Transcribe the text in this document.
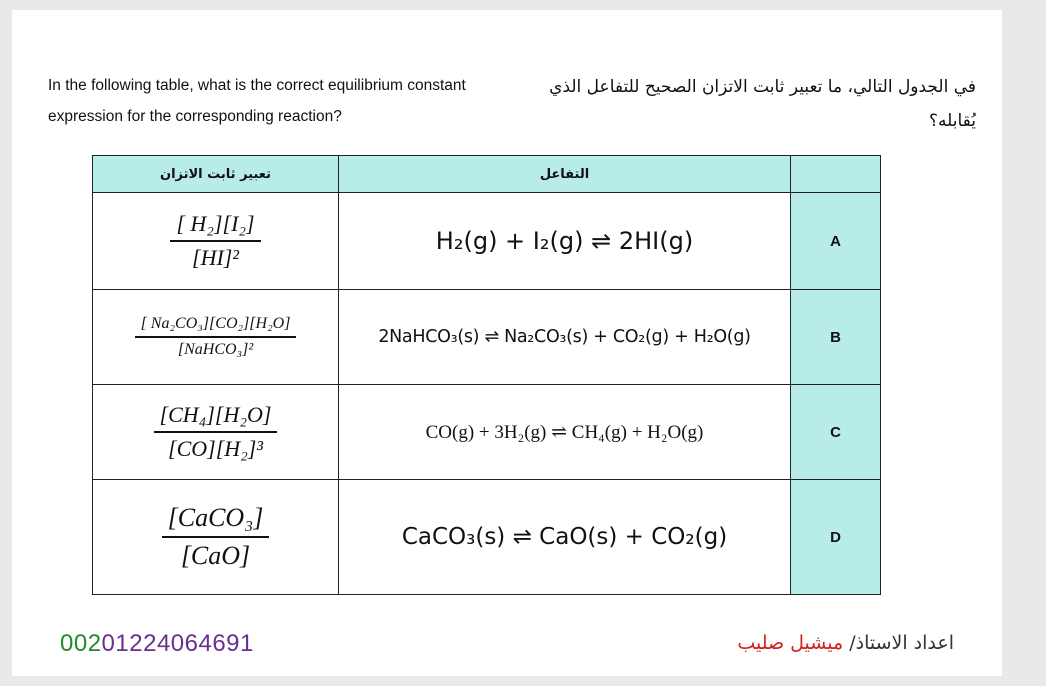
In the following table, what is the correct equilibrium constant expression for the corresponding reaction?
في الجدول التالي، ما تعبير ثابت الاتزان الصحيح للتفاعل الذي يُقابله؟
تعبير ثابت الاتزان	التفاعل	

$\frac{\text{[ H₂][I₂]}}{\text{[HI]²}}$	H₂(g) + I₂(g) ⇌ 2HI(g)	A

$\frac{\text{[ Na₂CO₃][CO₂][H₂O]}}{\text{[NaHCO₃]²}}$	2NaHCO₃(s) ⇌ Na₂CO₃(s) + CO₂(g) + H₂O(g)	B

$\frac{\text{[CH₄][H₂O]}}{\text{[CO][H₂]³}}$	CO(g) + 3H₂(g) ⇌ CH₄(g) + H₂O(g)	C

$\frac{\text{[CaCO₃]}}{\text{[CaO]}}$	CaCO₃(s) ⇌ CaO(s) + CO₂(g)	D
00201224064691	اعداد الاستاذ/ ميشيل صليب
